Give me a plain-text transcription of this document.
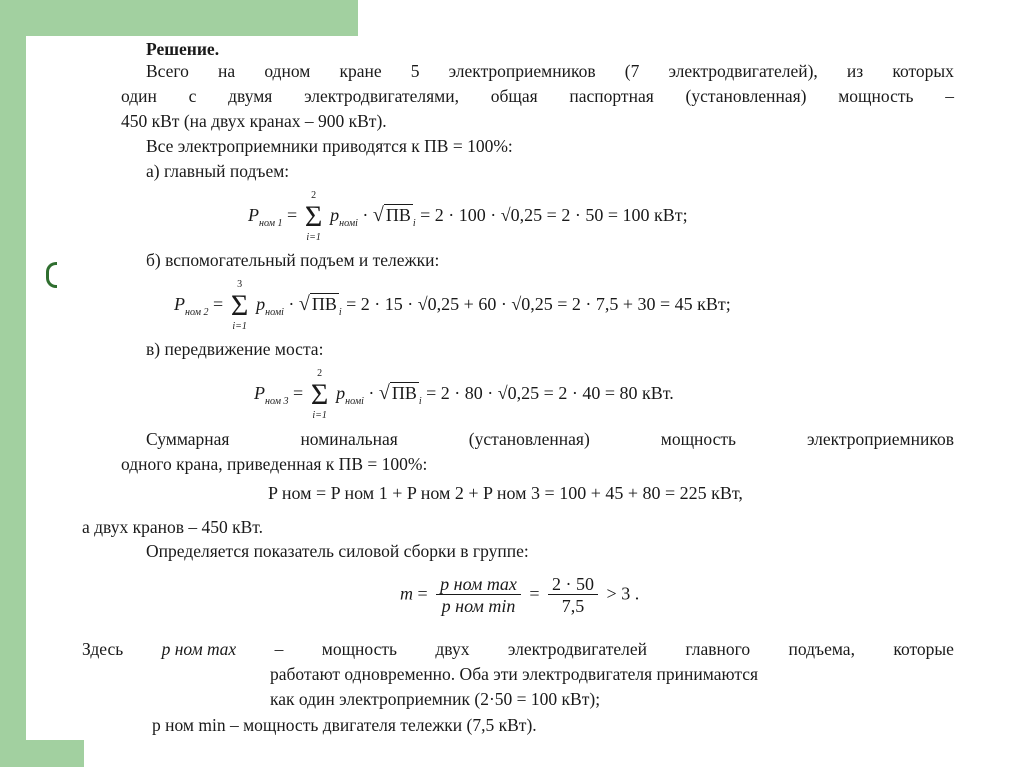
Решение.
Всего на одном кране 5 электроприемников (7 электродвигателей), из которых
один с двумя электродвигателями, общая паспортная (установленная) мощность –
450 кВт (на двух кранах – 900 кВт).
Все электроприемники приводятся к ПВ = 100%:
а) главный подъем:
$P_{ном 1}$ =
2
Σ
i=1
$p_{номi}$ · √ ПВ $_i$ = 2 · 100 · √0,25 = 2 · 50 = 100 кВт;
б) вспомогательный подъем и тележки:
$P_{ном 2}$ =
3
Σ
i=1
$p_{номi}$ · √ ПВ $_i$ = 2 · 15 · √0,25 + 60 · √0,25 = 2 · 7,5 + 30 = 45 кВт;
в) передвижение моста:
$P_{ном 3}$ =
2
Σ
i=1
$p_{номi}$ · √ ПВ $_i$ = 2 · 80 · √0,25 = 2 · 40 = 80 кВт.
Суммарная	номинальная	(установленная)	мощность	электроприемников
одного крана, приведенная к ПВ = 100%:
P ном = P ном 1 + P ном 2 + P ном 3 = 100 + 45 + 80 = 225 кВт,
а двух кранов – 450 кВт.
Определяется показатель силовой сборки в группе:
$m = \frac{\text{p ном max}}{\text{p ном min}} = \frac{2 \cdot 50}{7,5} > 3$ .
Здесь p ном max – мощность двух электродвигателей главного подъема, которые
работают одновременно. Оба эти электродвигателя принимаются
как один электроприемник (2·50 = 100 кВт);
p ном min – мощность двигателя тележки (7,5 кВт).
